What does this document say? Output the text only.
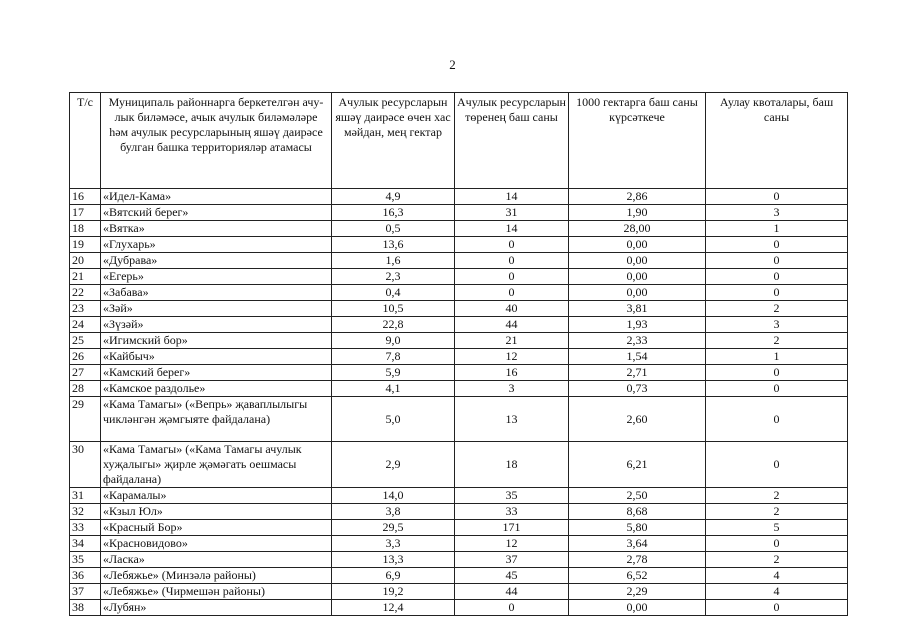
2
Т/с	Муниципаль районнарга беркетелгән ачулык биләмәсе, ачык ачулык биләмәләре һәм ачулык ресурсларының яшәү даирәсе булган башка территорияләр атамасы	Ачулык ресурсларын яшәү даирәсе өчен хас мәйдан, мең гектар	Ачулык ресурсларын төренең баш саны	1000 гектарга баш саны күрсәткече	Аулау квоталары, баш саны
16	«Идел-Кама»	4,9	14	2,86	0
17	«Вятский берег»	16,3	31	1,90	3
18	«Вятка»	0,5	14	28,00	1
19	«Глухарь»	13,6	0	0,00	0
20	«Дубрава»	1,6	0	0,00	0
21	«Егерь»	2,3	0	0,00	0
22	«Забава»	0,4	0	0,00	0
23	«Зәй»	10,5	40	3,81	2
24	«Зүзәй»	22,8	44	1,93	3
25	«Игимский бор»	9,0	21	2,33	2
26	«Кайбыч»	7,8	12	1,54	1
27	«Камский берег»	5,9	16	2,71	0
28	«Камское раздолье»	4,1	3	0,73	0
29	«Кама Тамагы» («Вепрь» җаваплылыгы чикләнгән җәмгыяте файдалана)	5,0	13	2,60	0
30	«Кама Тамагы» («Кама Тамагы ачулык хуҗалыгы» җирле җәмәгать оешмасы файдалана)	2,9	18	6,21	0
31	«Карамалы»	14,0	35	2,50	2
32	«Кзыл Юл»	3,8	33	8,68	2
33	«Красный Бор»	29,5	171	5,80	5
34	«Красновидово»	3,3	12	3,64	0
35	«Ласка»	13,3	37	2,78	2
36	«Лебяжье» (Минзәлә районы)	6,9	45	6,52	4
37	«Лебяжье» (Чирмешән районы)	19,2	44	2,29	4
38	«Лубян»	12,4	0	0,00	0
